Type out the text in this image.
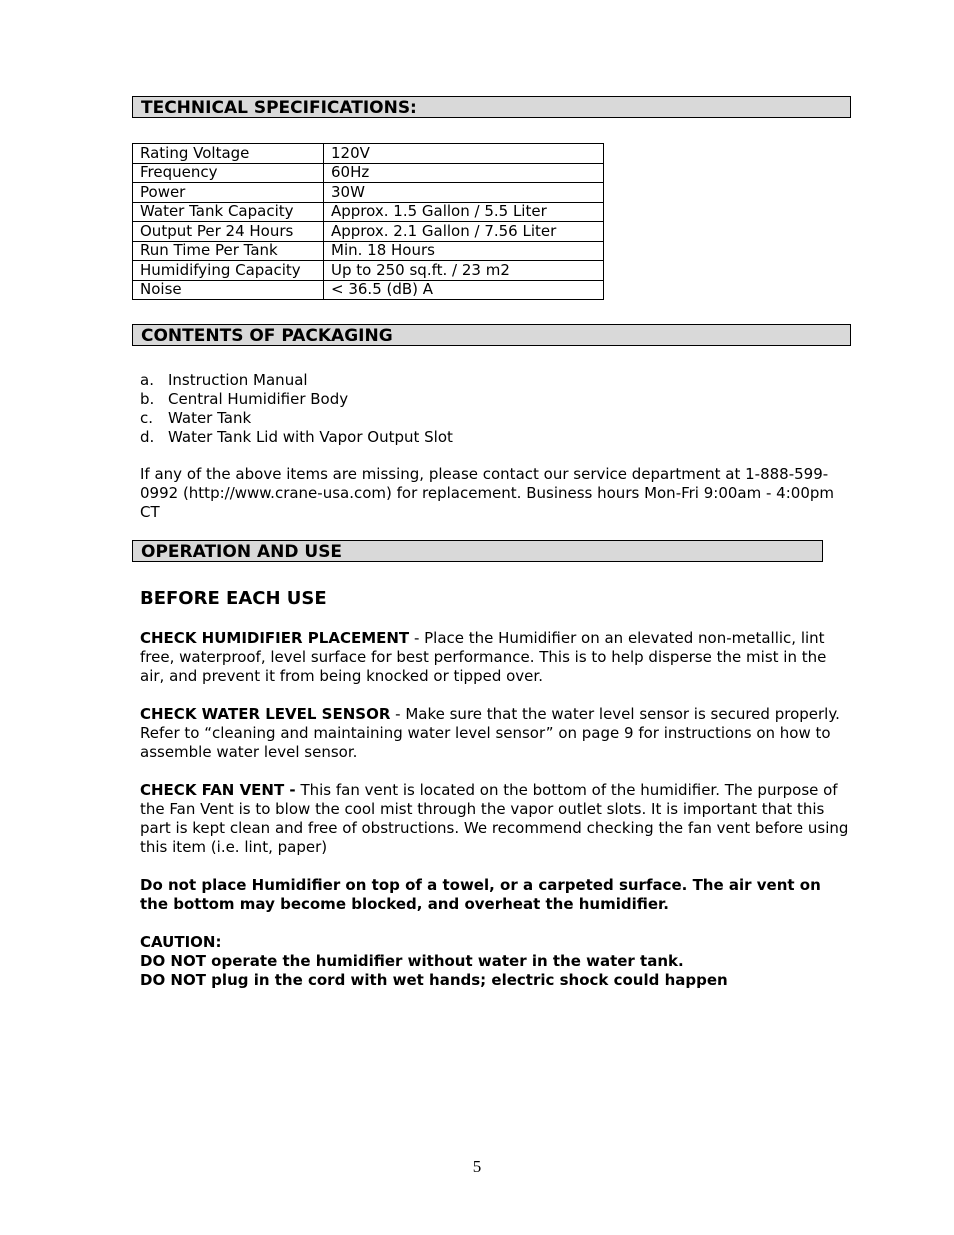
TECHNICAL SPECIFICATIONS:
Rating Voltage	120V
Frequency	60Hz
Power	30W
Water Tank Capacity	Approx. 1.5 Gallon / 5.5 Liter
Output Per 24 Hours	Approx. 2.1 Gallon / 7.56 Liter
Run Time Per Tank	Min. 18 Hours
Humidifying Capacity	Up to 250 sq.ft. / 23 m2
Noise	< 36.5 (dB) A
CONTENTS OF PACKAGING
a. Instruction Manual
b. Central Humidifier Body
c. Water Tank
d. Water Tank Lid with Vapor Output Slot

If any of the above items are missing, please contact our service department at 1-888-599-0992 (http://www.crane-usa.com) for replacement. Business hours Mon-Fri 9:00am - 4:00pm CT

OPERATION AND USE
BEFORE EACH USE

CHECK HUMIDIFIER PLACEMENT - Place the Humidifier on an elevated non-metallic, lint free, waterproof, level surface for best performance. This is to help disperse the mist in the air, and prevent it from being knocked or tipped over.

CHECK WATER LEVEL SENSOR - Make sure that the water level sensor is secured properly. Refer to “cleaning and maintaining water level sensor” on page 9 for instructions on how to assemble water level sensor.

CHECK FAN VENT - This fan vent is located on the bottom of the humidifier. The purpose of the Fan Vent is to blow the cool mist through the vapor outlet slots. It is important that this part is kept clean and free of obstructions. We recommend checking the fan vent before using this item (i.e. lint, paper)

Do not place Humidifier on top of a towel, or a carpeted surface. The air vent on the bottom may become blocked, and overheat the humidifier.

CAUTION:
DO NOT operate the humidifier without water in the water tank.
DO NOT plug in the cord with wet hands; electric shock could happen

5
